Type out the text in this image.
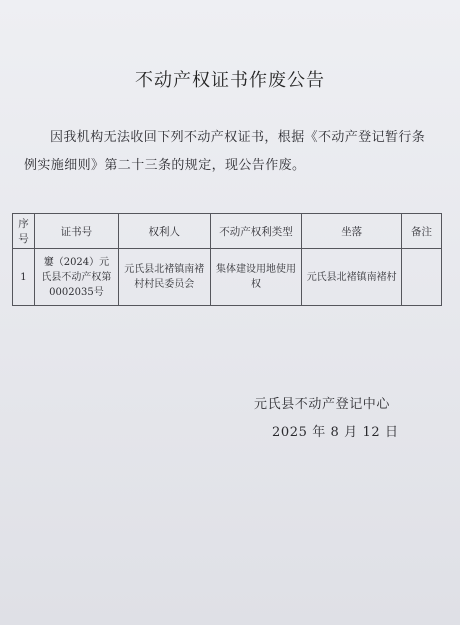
不动产权证书作废公告
因我机构无法收回下列不动产权证书，根据《不动产登记暂行条例实施细则》第二十三条的规定，现公告作废。
序号	证书号	权利人	不动产权利类型	坐落	备注
1	窶（2024）元氏县不动产权第0002035号	元氏县北褚镇南褚村村民委员会	集体建设用地使用权	元氏县北褚镇南褚村	
元氏县不动产登记中心
2025 年 8 月 12 日
